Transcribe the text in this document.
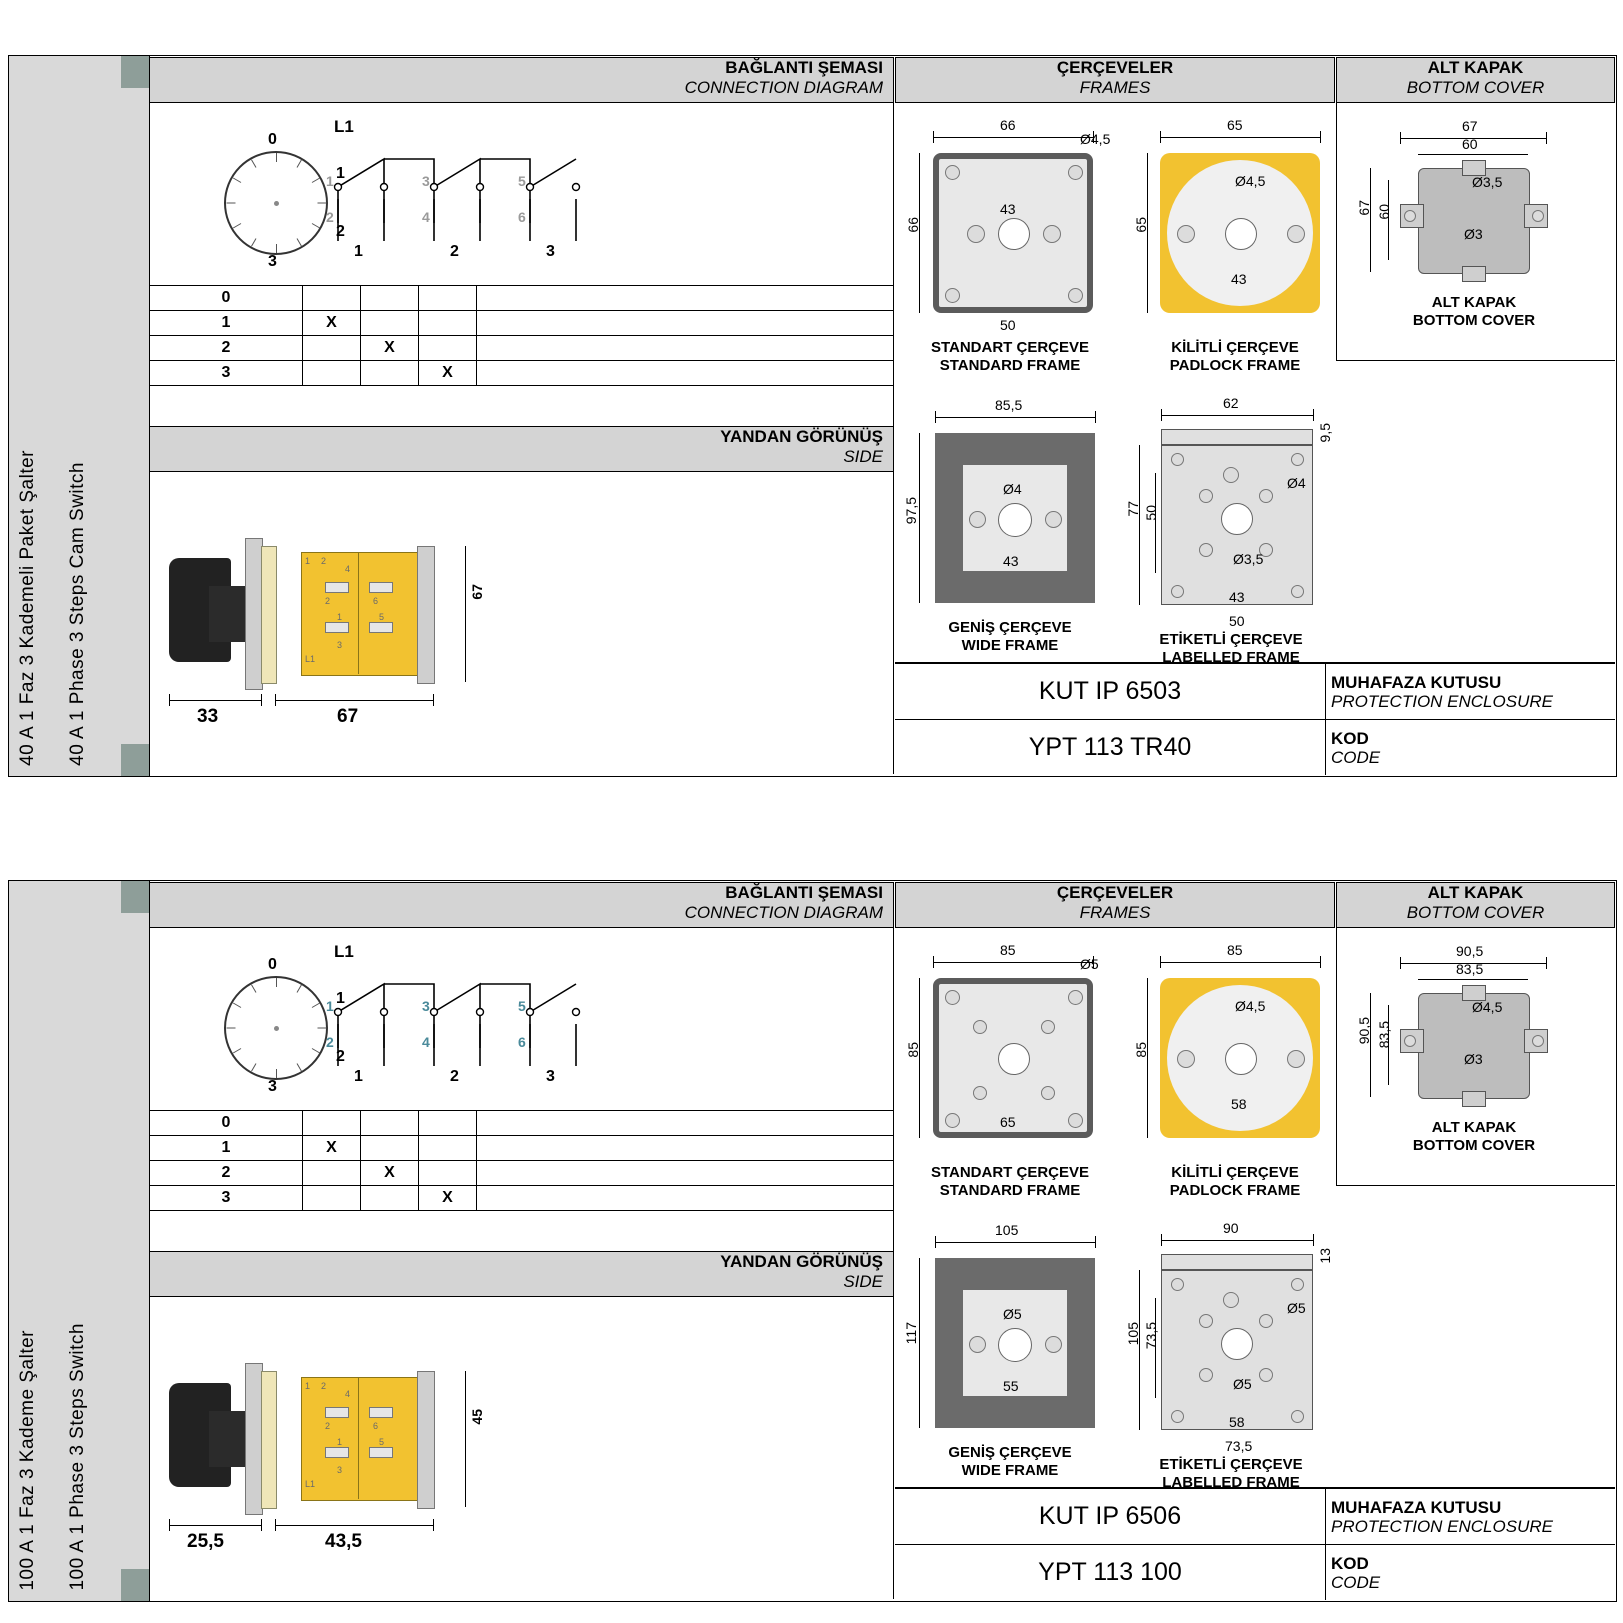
40 A 1 Faz 3 Kademeli Paket Şalter 40 A 1 Phase 3 Steps Cam Switch
BAĞLANTI ŞEMASI
CONNECTION DIAGRAM
ÇERÇEVELER
FRAMES
ALT KAPAK
BOTTOM COVER
YANDAN GÖRÜNÜŞ
SIDE
0
1
2
3
L1
1
2
3
4
5
6
1	2	3
0				
1	X			
2		X		
3			X	
1 2
4
2	6
1	5
3
L1
67
33	67
66
66
Ø4,5
43
50
STANDART ÇERÇEVE
STANDARD FRAME
65
65
Ø4,5
43
KİLİTLİ ÇERÇEVE
PADLOCK FRAME
85,5
97,5
Ø4
43
GENİŞ ÇERÇEVE
WIDE FRAME
62
9,5
77 50
Ø4
Ø3,5
43
50
ETİKETLİ ÇERÇEVE
LABELLED FRAME
67
60
67 60
Ø3,5
Ø3
ALT KAPAK
BOTTOM COVER
KUT IP 6503	MUHAFAZA KUTUSU
PROTECTION ENCLOSURE
YPT 113 TR40	KOD
CODE
100 A 1 Faz 3 Kademe Şalter 100 A 1 Phase 3 Steps Switch
BAĞLANTI ŞEMASI
CONNECTION DIAGRAM
ÇERÇEVELER
FRAMES
ALT KAPAK
BOTTOM COVER
YANDAN GÖRÜNÜŞ
SIDE
0
1
2
3
L1
1
2
3
4
5
6
1	2	3
0				
1	X			
2		X		
3			X	
1 2
4
2	6
1	5
3
L1
45
25,5	43,5
85
85
Ø5
65
STANDART ÇERÇEVE
STANDARD FRAME
85
85
Ø4,5
58
KİLİTLİ ÇERÇEVE
PADLOCK FRAME
105
117
Ø5
55
GENİŞ ÇERÇEVE
WIDE FRAME
90
13
105 73,5
Ø5
Ø5
58
73,5
ETİKETLİ ÇERÇEVE
LABELLED FRAME
90,5
83,5
90,5 83,5
Ø4,5
Ø3
ALT KAPAK
BOTTOM COVER
KUT IP 6506	MUHAFAZA KUTUSU
PROTECTION ENCLOSURE
YPT 113 100	KOD
CODE
